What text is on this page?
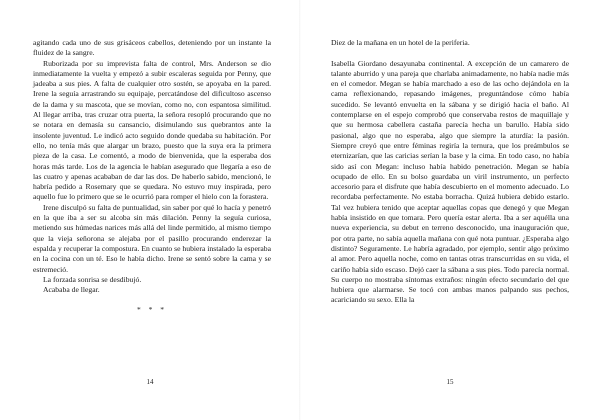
agitando cada uno de sus grisáceos cabellos, deteniendo por un instante la fluidez de la sangre.

Ruborizada por su imprevista falta de control, Mrs. Anderson se dio inmediatamente la vuelta y empezó a subir escaleras seguida por Penny, que jadeaba a sus pies. A falta de cualquier otro sostén, se apoyaba en la pared. Irene la seguía arrastrando su equipaje, percatándose del dificultoso ascenso de la dama y su mascota, que se movían, como no, con espantosa similitud. Al llegar arriba, tras cruzar otra puerta, la señora resopló procurando que no se notara en demasía su cansancio, disimulando sus quebrantos ante la insolente juventud. Le indicó acto seguido donde quedaba su habitación. Por ello, no tenía más que alargar un brazo, puesto que la suya era la primera pieza de la casa. Le comentó, a modo de bienvenida, que la esperaba dos horas más tarde. Los de la agencia le habían asegurado que llegaría a eso de las cuatro y apenas acababan de dar las dos. De haberlo sabido, mencionó, le habría pedido a Rosemary que se quedara. No estuvo muy inspirada, pero aquello fue lo primero que se le ocurrió para romper el hielo con la forastera.

Irene disculpó su falta de puntualidad, sin saber por qué lo hacía y penetró en la que iba a ser su alcoba sin más dilación. Penny la seguía curiosa, metiendo sus húmedas narices más allá del linde permitido, al mismo tiempo que la vieja señorona se alejaba por el pasillo procurando enderezar la espalda y recuperar la compostura. En cuanto se hubiera instalado la esperaba en la cocina con un té. Eso le había dicho. Irene se sentó sobre la cama y se estremeció.

La forzada sonrisa se desdibujó.

Acababa de llegar.

* * *
14

Diez de la mañana en un hotel de la periferia.

Isabella Giordano desayunaba continental. A excepción de un camarero de talante aburrido y una pareja que charlaba animadamente, no había nadie más en el comedor. Megan se había marchado a eso de las ocho dejándola en la cama reflexionando, repasando imágenes, preguntándose cómo había sucedido. Se levantó envuelta en la sábana y se dirigió hacia el baño. Al contemplarse en el espejo comprobó que conservaba restos de maquillaje y que su hermosa cabellera castaña parecía hecha un barullo. Había sido pasional, algo que no esperaba, algo que siempre la aturdía: la pasión. Siempre creyó que entre féminas regiría la ternura, que los preámbulos se eternizarían, que las caricias serían la base y la cima. En todo caso, no había sido así con Megan: incluso había habido penetración. Megan se había ocupado de ello. En su bolso guardaba un viril instrumento, un perfecto accesorio para el disfrute que había descubierto en el momento adecuado. Lo recordaba perfectamente. No estaba borracha. Quizá hubiera debido estarlo. Tal vez hubiera tenido que aceptar aquellas copas que denegó y que Megan había insistido en que tomara. Pero quería estar alerta. Iba a ser aquélla una nueva experiencia, su debut en terreno desconocido, una inauguración que, por otra parte, no sabía aquella mañana con qué nota puntuar. ¿Esperaba algo distinto? Seguramente. Le habría agradado, por ejemplo, sentir algo próximo al amor. Pero aquella noche, como en tantas otras transcurridas en su vida, el cariño había sido escaso. Dejó caer la sábana a sus pies. Todo parecía normal. Su cuerpo no mostraba síntomas extraños: ningún efecto secundario del que hubiera que alarmarse. Se tocó con ambas manos palpando sus pechos, acariciando su sexo. Ella la

15
